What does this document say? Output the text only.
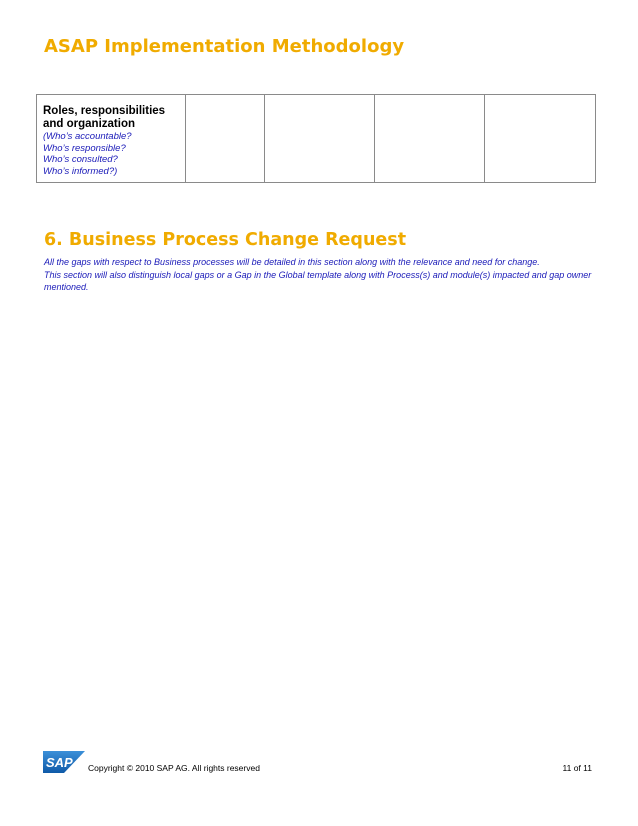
ASAP Implementation Methodology
Roles, responsibilities
and organization
(Who’s accountable?
Who’s responsible?
Who’s consulted?
Who’s informed?)

6. Business Process Change Request

All the gaps with respect to Business processes will be detailed in this section along with the relevance and need for change.

This section will also distinguish local gaps or a Gap in the Global template along with Process(s) and module(s) impacted and gap owner mentioned.

SAP Copyright © 2010 SAP AG. All rights reserved	11 of 11
